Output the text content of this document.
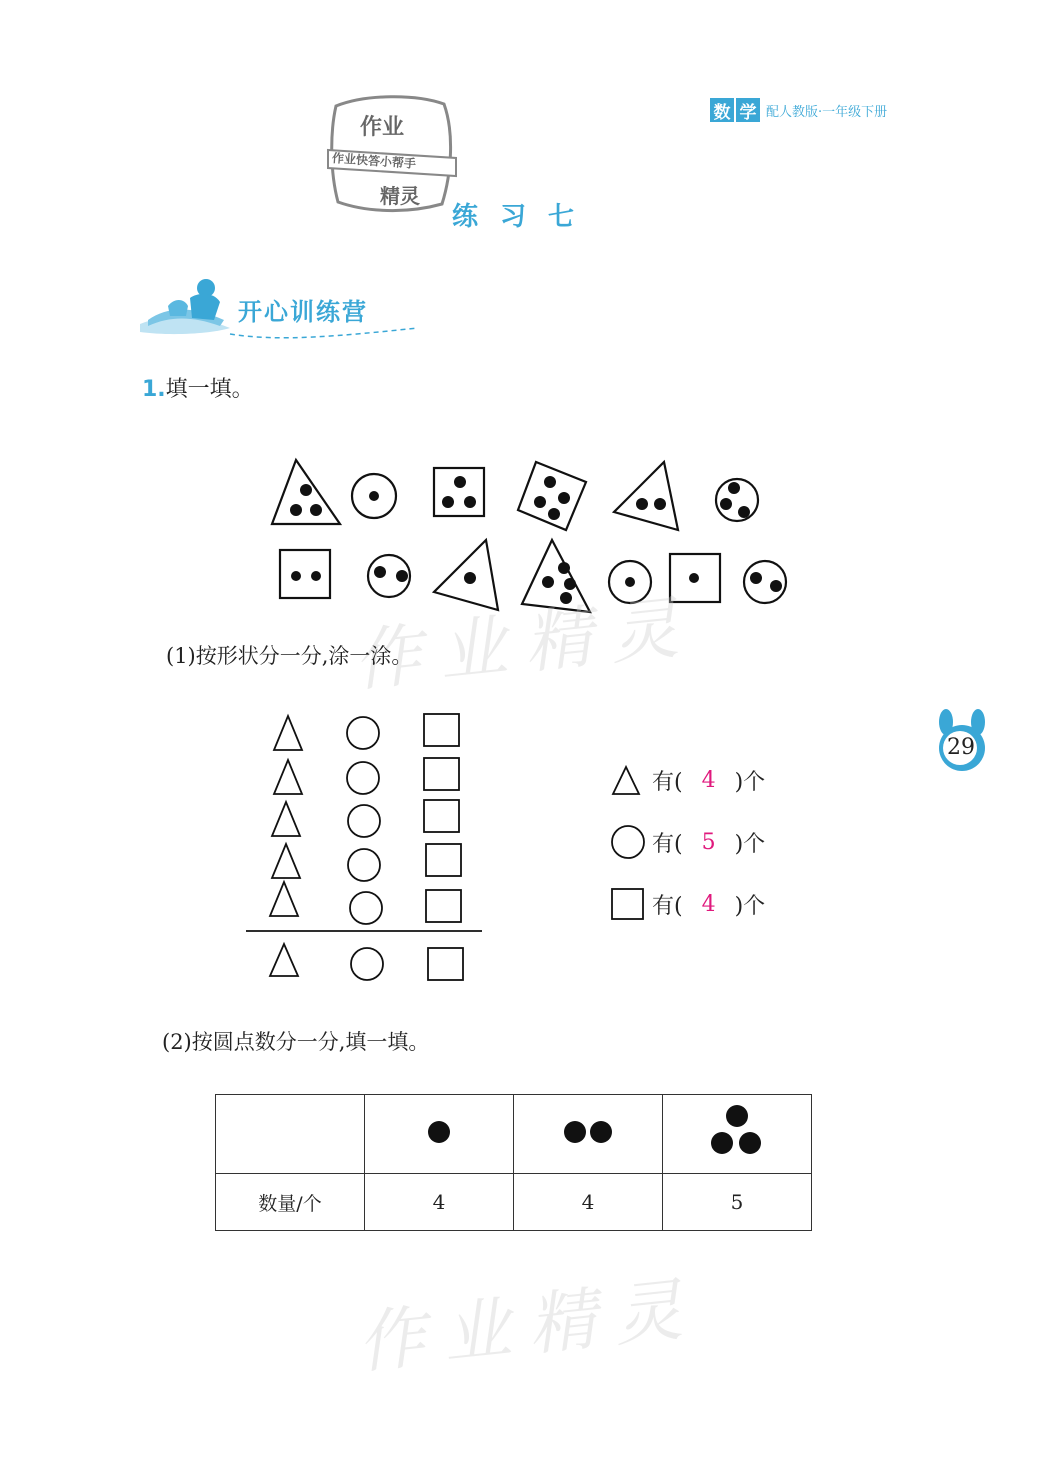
数 学 配人教版·一年级下册
作业
作业快答小帮手
精灵
练习七
开心训练营
1.填一填。
作业精灵
(1)按形状分一分,涂一涂。
有( 4 )个
有( 5 )个
有( 4 )个
29
(2)按圆点数分一分,填一填。

数量/个	4	4	5
作业精灵
